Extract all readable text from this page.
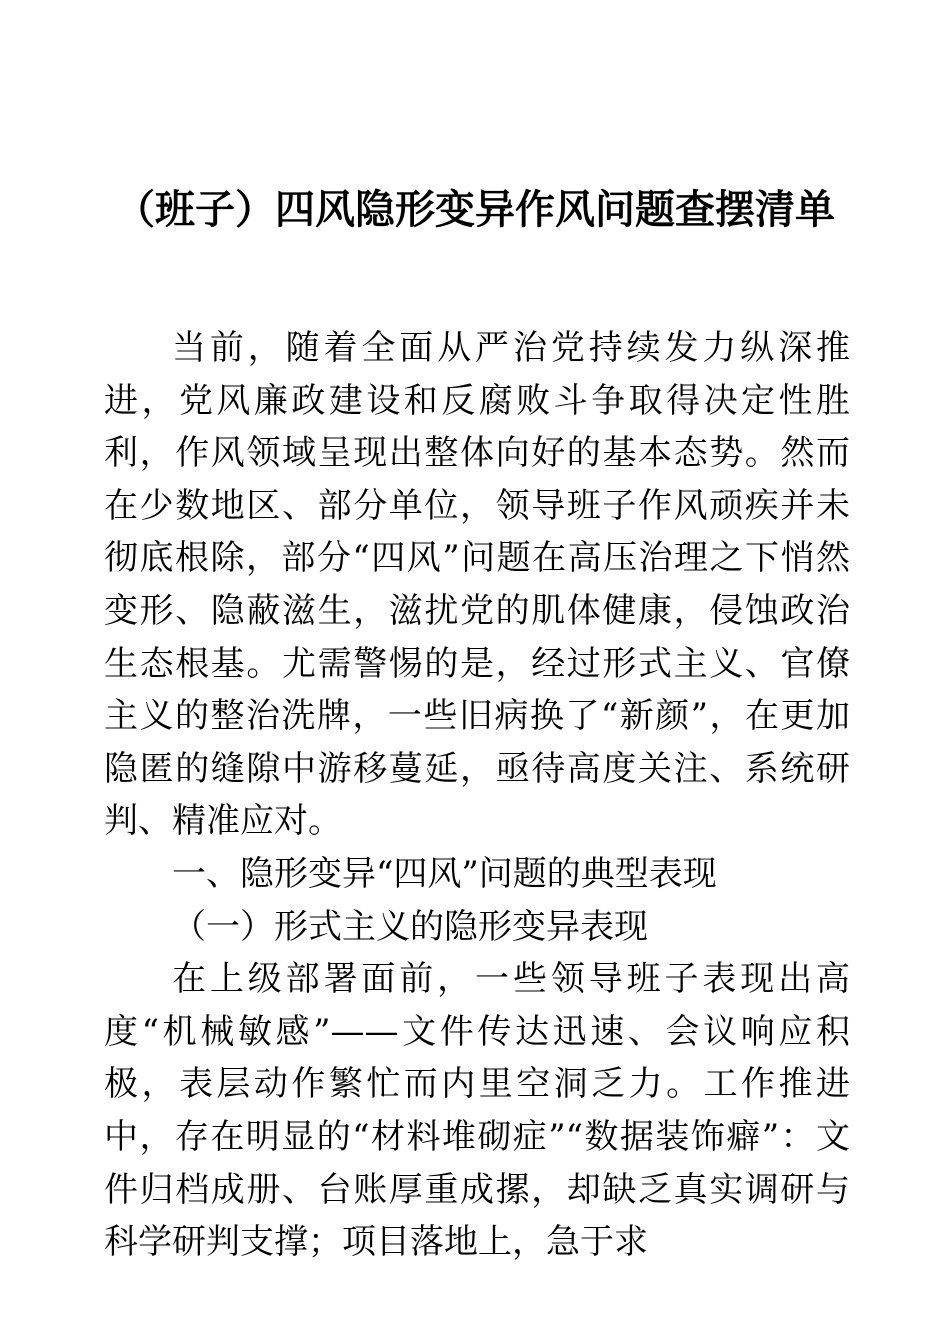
（班子）四风隐形变异作风问题查摆清单

当前，随着全面从严治党持续发力纵深推进，党风廉政建设和反腐败斗争取得决定性胜利，作风领域呈现出整体向好的基本态势。然而在少数地区、部分单位，领导班子作风顽疾并未彻底根除，部分“四风”问题在高压治理之下悄然变形、隐蔽滋生，滋扰党的肌体健康，侵蚀政治生态根基。尤需警惕的是，经过形式主义、官僚主义的整治洗牌，一些旧病换了“新颜”，在更加隐匿的缝隙中游移蔓延，亟待高度关注、系统研判、精准应对。

一、隐形变异“四风”问题的典型表现

（一）形式主义的隐形变异表现

在上级部署面前，一些领导班子表现出高度“机械敏感”——文件传达迅速、会议响应积极，表层动作繁忙而内里空洞乏力。工作推进中，存在明显的“材料堆砌症”“数据装饰癖”：文件归档成册、台账厚重成摞，却缺乏真实调研与科学研判支撑；项目落地上，急于求
